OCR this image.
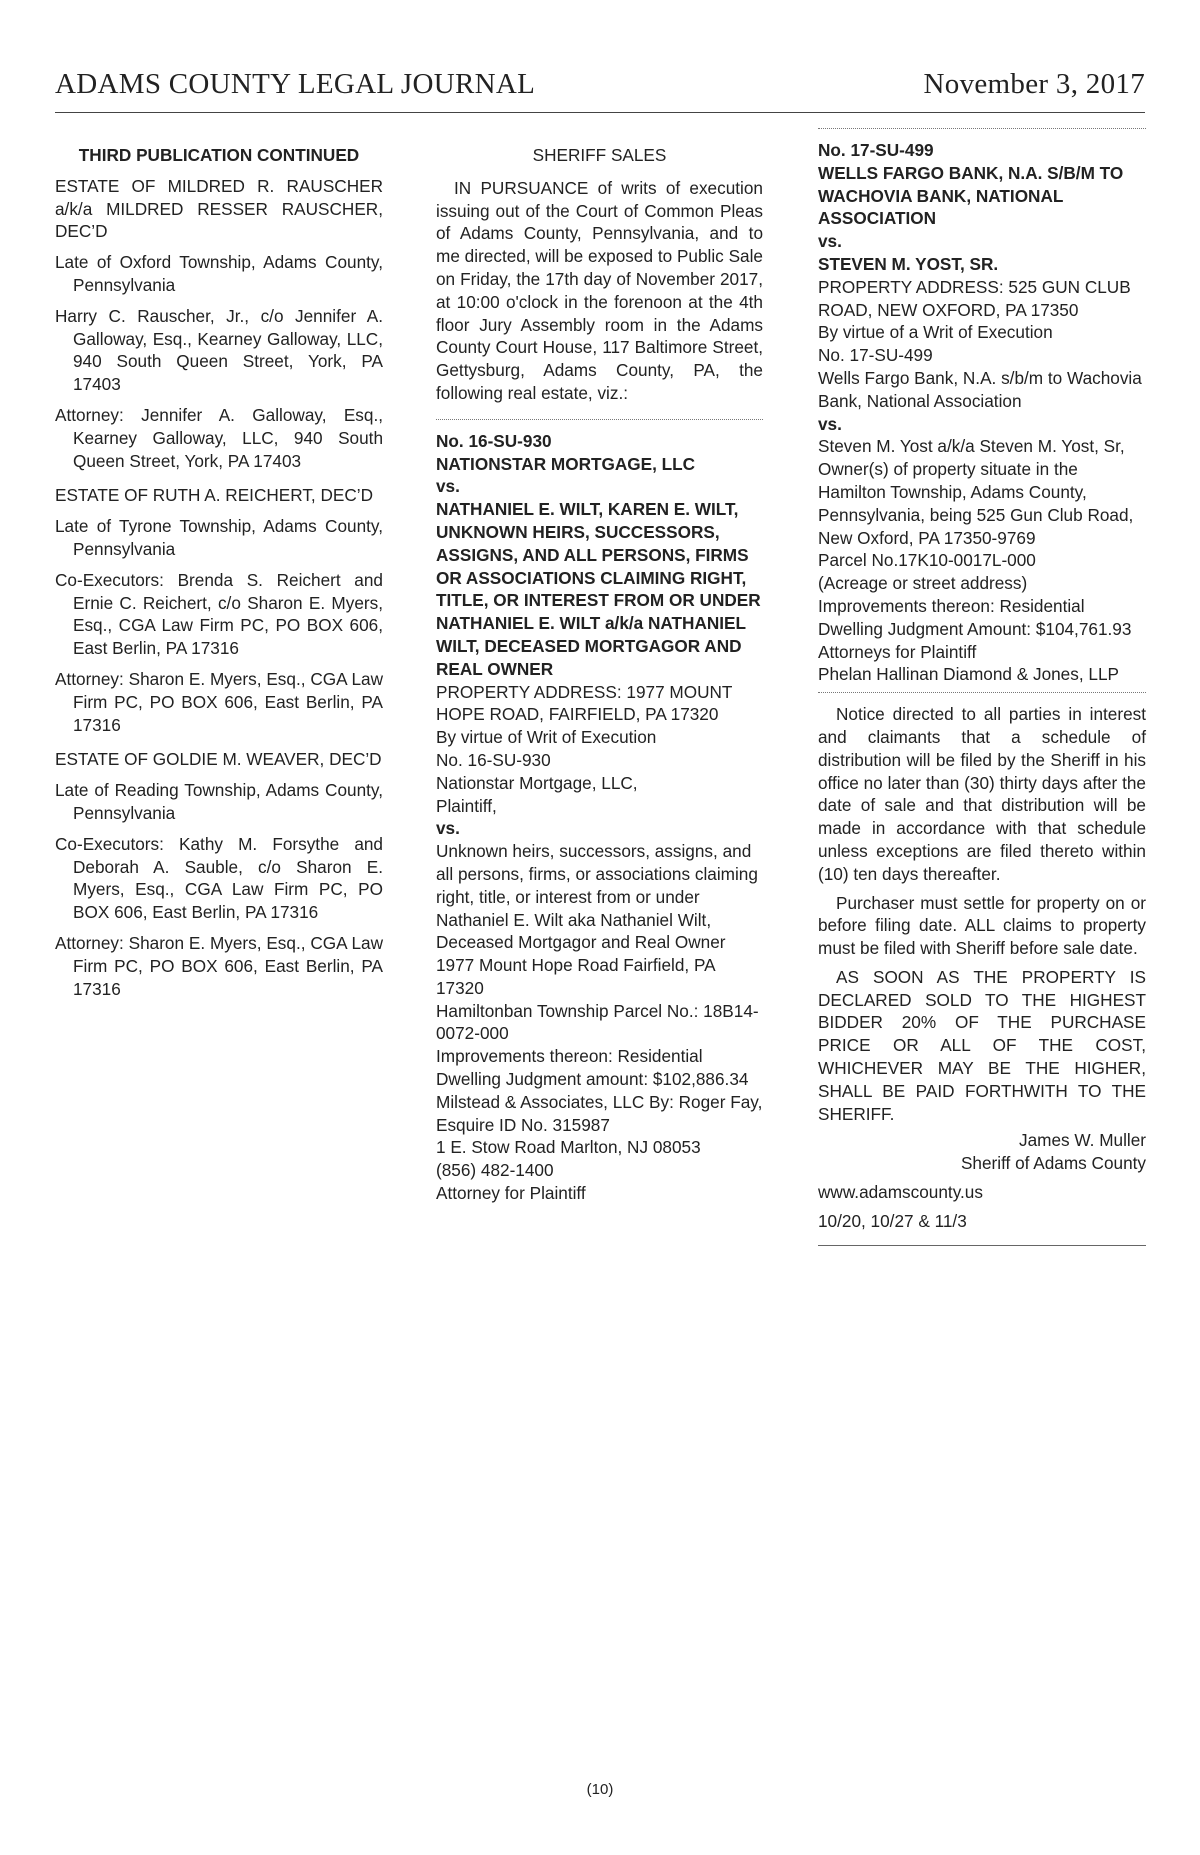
ADAMS COUNTY LEGAL JOURNAL	November 3, 2017

THIRD PUBLICATION CONTINUED

ESTATE OF MILDRED R. RAUSCHER a/k/a MILDRED RESSER RAUSCHER, DEC’D

Late of Oxford Township, Adams County, Pennsylvania

Harry C. Rauscher, Jr., c/o Jennifer A. Galloway, Esq., Kearney Galloway, LLC, 940 South Queen Street, York, PA 17403

Attorney: Jennifer A. Galloway, Esq., Kearney Galloway, LLC, 940 South Queen Street, York, PA 17403

ESTATE OF RUTH A. REICHERT, DEC’D

Late of Tyrone Township, Adams County, Pennsylvania

Co-Executors: Brenda S. Reichert and Ernie C. Reichert, c/o Sharon E. Myers, Esq., CGA Law Firm PC, PO BOX 606, East Berlin, PA 17316

Attorney: Sharon E. Myers, Esq., CGA Law Firm PC, PO BOX 606, East Berlin, PA 17316

ESTATE OF GOLDIE M. WEAVER, DEC’D

Late of Reading Township, Adams County, Pennsylvania

Co-Executors: Kathy M. Forsythe and Deborah A. Sauble, c/o Sharon E. Myers, Esq., CGA Law Firm PC, PO BOX 606, East Berlin, PA 17316

Attorney: Sharon E. Myers, Esq., CGA Law Firm PC, PO BOX 606, East Berlin, PA 17316

SHERIFF SALES

IN PURSUANCE of writs of execution issuing out of the Court of Common Pleas of Adams County, Pennsylvania, and to me directed, will be exposed to Public Sale on Friday, the 17th day of November 2017, at 10:00 o'clock in the forenoon at the 4th floor Jury Assembly room in the Adams County Court House, 117 Baltimore Street, Gettysburg, Adams County, PA, the following real estate, viz.:

No. 16-SU-930

NATIONSTAR MORTGAGE, LLC

vs.

NATHANIEL E. WILT, KAREN E. WILT, UNKNOWN HEIRS, SUCCESSORS, ASSIGNS, AND ALL PERSONS, FIRMS OR ASSOCIATIONS CLAIMING RIGHT, TITLE, OR INTEREST FROM OR UNDER NATHANIEL E. WILT a/k/a NATHANIEL WILT, DECEASED MORTGAGOR AND REAL OWNER

PROPERTY ADDRESS: 1977 MOUNT HOPE ROAD, FAIRFIELD, PA 17320

By virtue of Writ of Execution

No. 16-SU-930

Nationstar Mortgage, LLC,

Plaintiff,

vs.

Unknown heirs, successors, assigns, and all persons, firms, or associations claiming right, title, or interest from or under Nathaniel E. Wilt aka Nathaniel Wilt, Deceased Mortgagor and Real Owner

1977 Mount Hope Road Fairfield, PA 17320

Hamiltonban Township Parcel No.: 18B14-0072-000

Improvements thereon: Residential Dwelling Judgment amount: $102,886.34

Milstead & Associates, LLC By: Roger Fay, Esquire ID No. 315987

1 E. Stow Road Marlton, NJ 08053

(856) 482-1400

Attorney for Plaintiff

No. 17-SU-499

WELLS FARGO BANK, N.A. S/B/M TO WACHOVIA BANK, NATIONAL ASSOCIATION

vs.

STEVEN M. YOST, SR.

PROPERTY ADDRESS: 525 GUN CLUB ROAD, NEW OXFORD, PA 17350

By virtue of a Writ of Execution

No. 17-SU-499

Wells Fargo Bank, N.A. s/b/m to Wachovia Bank, National Association

vs.

Steven M. Yost a/k/a Steven M. Yost, Sr, Owner(s) of property situate in the Hamilton Township, Adams County, Pennsylvania, being 525 Gun Club Road,

New Oxford, PA 17350-9769

Parcel No.17K10-0017L-000

(Acreage or street address)

Improvements thereon: Residential Dwelling Judgment Amount: $104,761.93

Attorneys for Plaintiff

Phelan Hallinan Diamond & Jones, LLP

Notice directed to all parties in interest and claimants that a schedule of distribution will be filed by the Sheriff in his office no later than (30) thirty days after the date of sale and that distribution will be made in accordance with that schedule unless exceptions are filed thereto within (10) ten days thereafter.

Purchaser must settle for property on or before filing date. ALL claims to property must be filed with Sheriff before sale date.

AS SOON AS THE PROPERTY IS DECLARED SOLD TO THE HIGHEST BIDDER 20% OF THE PURCHASE PRICE OR ALL OF THE COST, WHICHEVER MAY BE THE HIGHER, SHALL BE PAID FORTHWITH TO THE SHERIFF.

James W. Muller

Sheriff of Adams County

www.adamscounty.us

10/20, 10/27 & 11/3

(10)
